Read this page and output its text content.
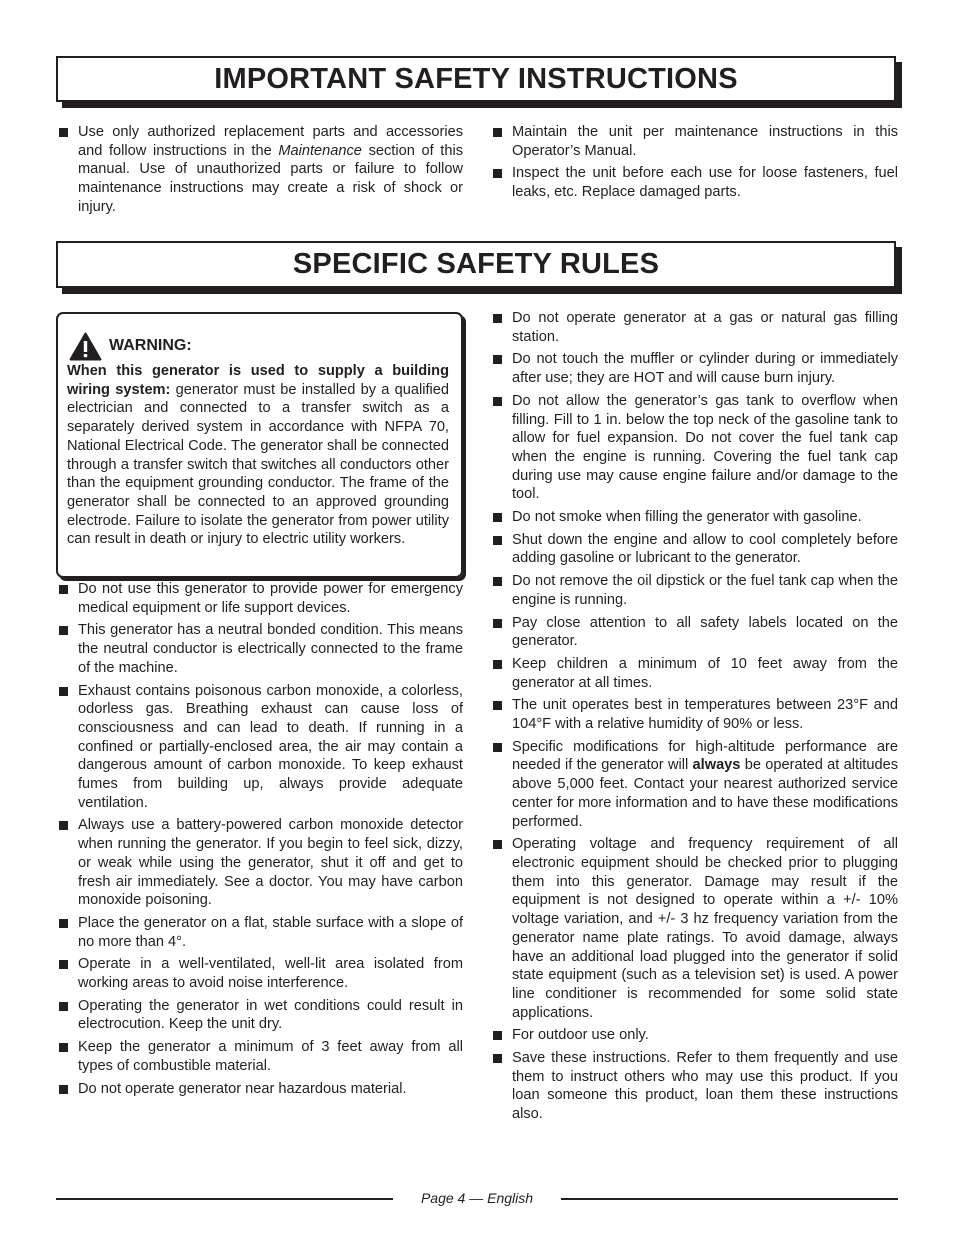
IMPORTANT SAFETY INSTRUCTIONS
Use only authorized replacement parts and accessories and follow instructions in the Maintenance section of this manual. Use of unauthorized parts or failure to follow maintenance instructions may create a risk of shock or injury.
Maintain the unit per maintenance instructions in this Operator’s Manual.
Inspect the unit before each use for loose fasteners, fuel leaks, etc. Replace damaged parts.
SPECIFIC SAFETY RULES
WARNING:
When this generator is used to supply a building wiring system: generator must be installed by a qualified electrician and connected to a transfer switch as a separately derived system in accordance with NFPA 70, National Electrical Code. The generator shall be connected through a transfer switch that switches all conductors other than the equipment grounding conductor. The frame of the generator shall be connected to an approved grounding electrode. Failure to isolate the generator from power utility can result in death or injury to electric utility workers.
Do not use this generator to provide power for emergency medical equipment or life support devices.
This generator has a neutral bonded condition. This means the neutral conductor is electrically connected to the frame of the machine.
Exhaust contains poisonous carbon monoxide, a colorless, odorless gas. Breathing exhaust can cause loss of consciousness and can lead to death. If running in a confined or partially-enclosed area, the air may contain a dangerous amount of carbon monoxide. To keep exhaust fumes from building up, always provide adequate ventilation.
Always use a battery-powered carbon monoxide detector when running the generator. If you begin to feel sick, dizzy, or weak while using the generator, shut it off and get to fresh air immediately. See a doctor. You may have carbon monoxide poisoning.
Place the generator on a flat, stable surface with a slope of no more than 4°.
Operate in a well-ventilated, well-lit area isolated from working areas to avoid noise interference.
Operating the generator in wet conditions could result in electrocution. Keep the unit dry.
Keep the generator a minimum of 3 feet away from all types of combustible material.
Do not operate generator near hazardous material.
Do not operate generator at a gas or natural gas filling station.
Do not touch the muffler or cylinder during or immediately after use; they are HOT and will cause burn injury.
Do not allow the generator’s gas tank to overflow when filling. Fill to 1 in. below the top neck of the gasoline tank to allow for fuel expansion. Do not cover the fuel tank cap when the engine is running. Covering the fuel tank cap during use may cause engine failure and/or damage to the tool.
Do not smoke when filling the generator with gasoline.
Shut down the engine and allow to cool completely before adding gasoline or lubricant to the generator.
Do not remove the oil dipstick or the fuel tank cap when the engine is running.
Pay close attention to all safety labels located on the generator.
Keep children a minimum of 10 feet away from the generator at all times.
The unit operates best in temperatures between 23°F and 104°F with a relative humidity of 90% or less.
Specific modifications for high-altitude performance are needed if the generator will always be operated at altitudes above 5,000 feet. Contact your nearest authorized service center for more information and to have these modifications performed.
Operating voltage and frequency requirement of all electronic equipment should be checked prior to plugging them into this generator. Damage may result if the equipment is not designed to operate within a +/- 10% voltage variation, and +/- 3 hz frequency variation from the generator name plate ratings. To avoid damage, always have an additional load plugged into the generator if solid state equipment (such as a television set) is used. A power line conditioner is recommended for some solid state applications.
For outdoor use only.
Save these instructions. Refer to them frequently and use them to instruct others who may use this product. If you loan someone this product, loan them these instructions also.
Page 4 — English
